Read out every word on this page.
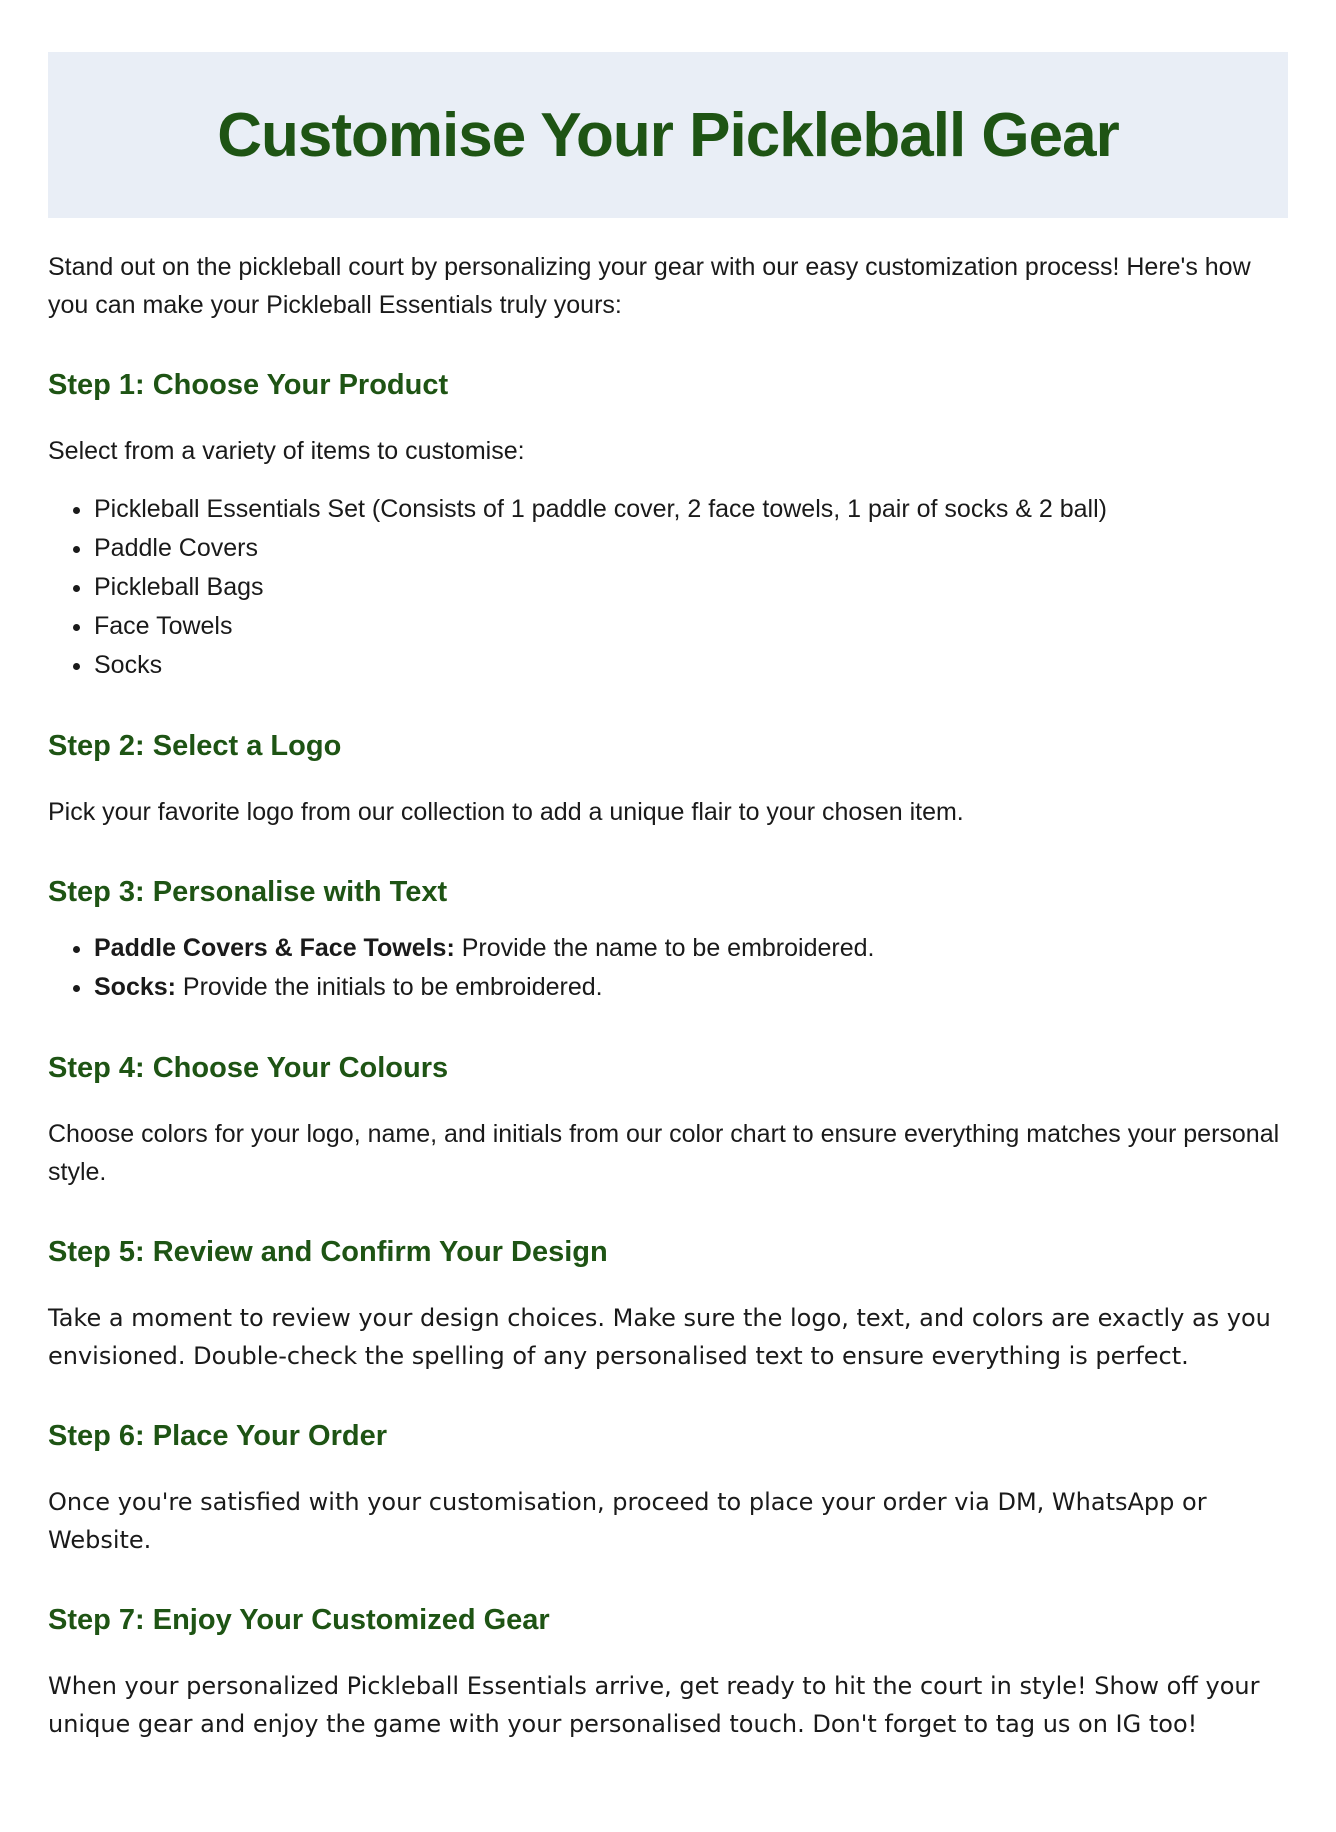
Customise Your Pickleball Gear

Stand out on the pickleball court by personalizing your gear with our easy customization process! Here's how you can make your Pickleball Essentials truly yours:

Step 1: Choose Your Product

Select from a variety of items to customise:

• Pickleball Essentials Set (Consists of 1 paddle cover, 2 face towels, 1 pair of socks & 2 ball)
• Paddle Covers
• Pickleball Bags
• Face Towels
• Socks
Step 2: Select a Logo

Pick your favorite logo from our collection to add a unique flair to your chosen item.

Step 3: Personalise with Text
• Paddle Covers & Face Towels: Provide the name to be embroidered.
• Socks: Provide the initials to be embroidered.
Step 4: Choose Your Colours

Choose colors for your logo, name, and initials from our color chart to ensure everything matches your personal style.

Step 5: Review and Confirm Your Design

Take a moment to review your design choices. Make sure the logo, text, and colors are exactly as you envisioned. Double-check the spelling of any personalised text to ensure everything is perfect.

Step 6: Place Your Order

Once you're satisfied with your customisation, proceed to place your order via DM, WhatsApp or Website.

Step 7: Enjoy Your Customized Gear

When your personalized Pickleball Essentials arrive, get ready to hit the court in style! Show off your unique gear and enjoy the game with your personalised touch. Don't forget to tag us on IG too!
